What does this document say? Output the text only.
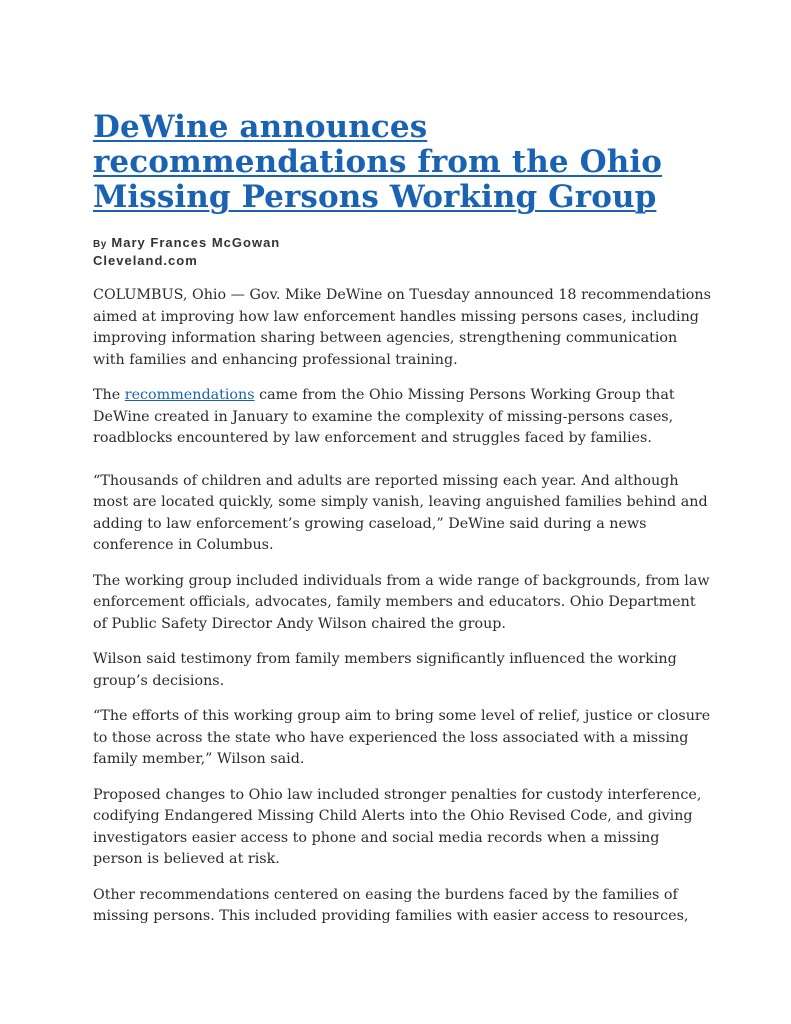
DeWine announces recommendations from the Ohio Missing Persons Working Group
By Mary Frances McGowan
Cleveland.com

COLUMBUS, Ohio — Gov. Mike DeWine on Tuesday announced 18 recommendations aimed at improving how law enforcement handles missing persons cases, including improving information sharing between agencies, strengthening communication with families and enhancing professional training.

The recommendations came from the Ohio Missing Persons Working Group that DeWine created in January to examine the complexity of missing-persons cases, roadblocks encountered by law enforcement and struggles faced by families.

“Thousands of children and adults are reported missing each year. And although most are located quickly, some simply vanish, leaving anguished families behind and adding to law enforcement’s growing caseload,” DeWine said during a news conference in Columbus.

The working group included individuals from a wide range of backgrounds, from law enforcement officials, advocates, family members and educators. Ohio Department of Public Safety Director Andy Wilson chaired the group.

Wilson said testimony from family members significantly influenced the working group’s decisions.

“The efforts of this working group aim to bring some level of relief, justice or closure to those across the state who have experienced the loss associated with a missing family member,” Wilson said.

Proposed changes to Ohio law included stronger penalties for custody interference, codifying Endangered Missing Child Alerts into the Ohio Revised Code, and giving investigators easier access to phone and social media records when a missing person is believed at risk.

Other recommendations centered on easing the burdens faced by the families of missing persons. This included providing families with easier access to resources,
